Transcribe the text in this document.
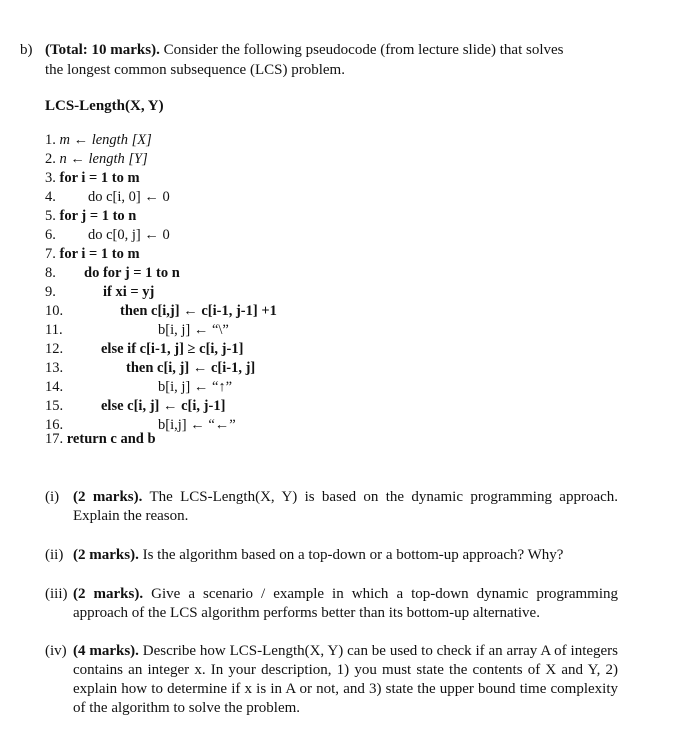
b) (Total: 10 marks). Consider the following pseudocode (from lecture slide) that solves
the longest common subsequence (LCS) problem.
LCS-Length(X, Y)
1. m ← length [X]
2. n ← length [Y]
3. for i = 1 to m
4. do c[i, 0] ← 0
5. for j = 1 to n
6. do c[0, j] ← 0
7. for i = 1 to m
8. do for j = 1 to n
9.	if xi = yj
10.	then c[i,j] ← c[i-1, j-1] +1
11.	b[i, j] ← “\”
12.	else if c[i-1, j] ≥ c[i, j-1]
13.	then c[i, j] ← c[i-1, j]
14.	b[i, j] ← “↑”
15.	else c[i, j] ← c[i, j-1]
16.	b[i,j] ← “←”
17. return c and b
(i) (2 marks). The LCS-Length(X, Y) is based on the dynamic programming approach. Explain the reason.
(ii) (2 marks). Is the algorithm based on a top-down or a bottom-up approach? Why?
(iii) (2 marks). Give a scenario / example in which a top-down dynamic programming approach of the LCS algorithm performs better than its bottom-up alternative.
(iv) (4 marks). Describe how LCS-Length(X, Y) can be used to check if an array A of integers contains an integer x. In your description, 1) you must state the contents of X and Y, 2) explain how to determine if x is in A or not, and 3) state the upper bound time complexity of the algorithm to solve the problem.
